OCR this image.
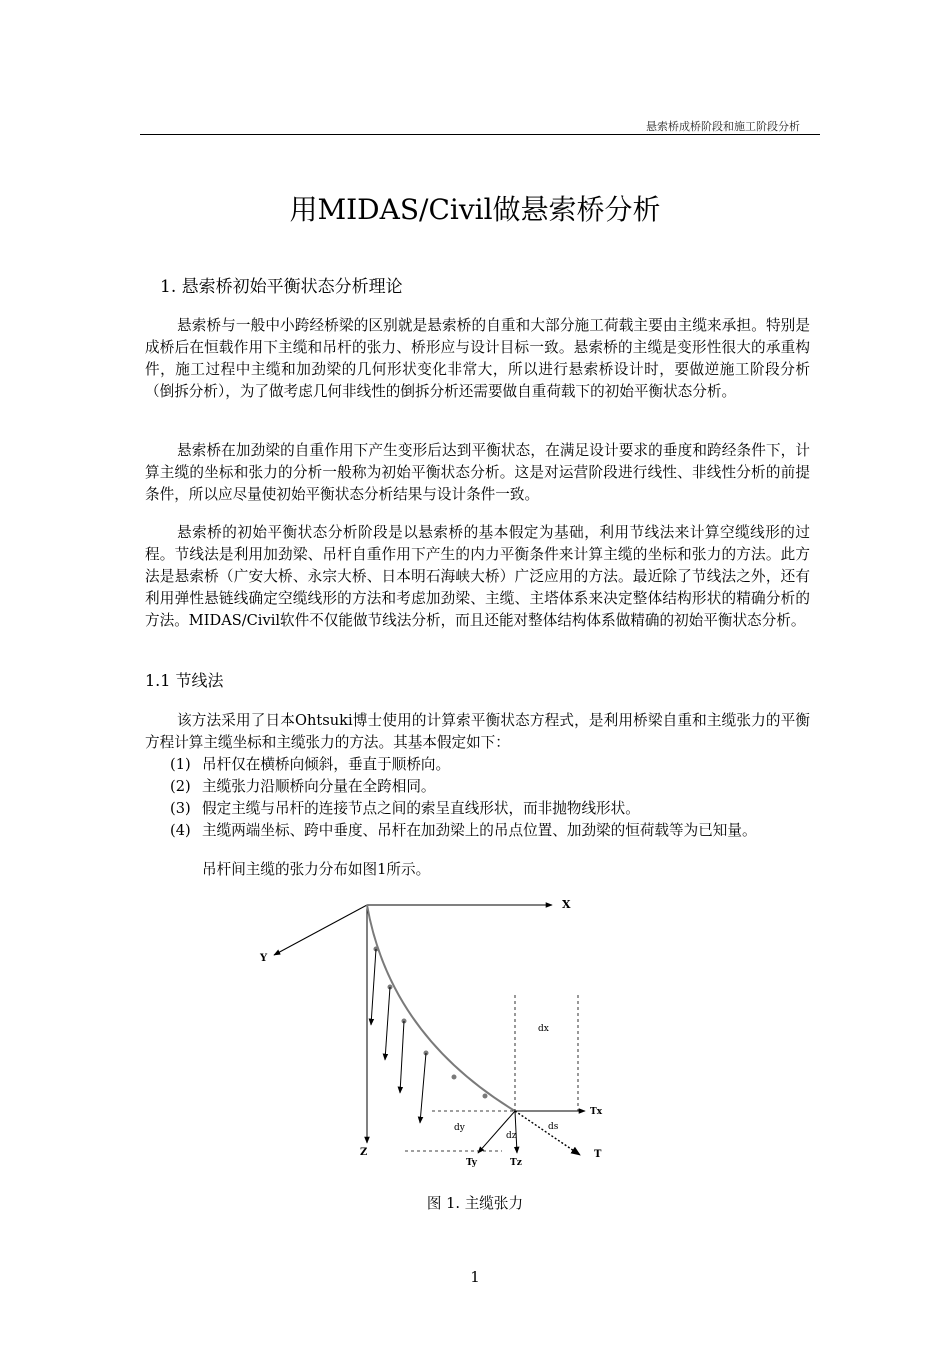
悬索桥成桥阶段和施工阶段分析
用MIDAS/Civil做悬索桥分析
1. 悬索桥初始平衡状态分析理论

悬索桥与一般中小跨经桥梁的区别就是悬索桥的自重和大部分施工荷载主要由主缆来承担。特别是成桥后在恒载作用下主缆和吊杆的张力、桥形应与设计目标一致。悬索桥的主缆是变形性很大的承重构件，施工过程中主缆和加劲梁的几何形状变化非常大，所以进行悬索桥设计时，要做逆施工阶段分析（倒拆分析），为了做考虑几何非线性的倒拆分析还需要做自重荷载下的初始平衡状态分析。

悬索桥在加劲梁的自重作用下产生变形后达到平衡状态，在满足设计要求的垂度和跨经条件下，计算主缆的坐标和张力的分析一般称为初始平衡状态分析。这是对运营阶段进行线性、非线性分析的前提条件，所以应尽量使初始平衡状态分析结果与设计条件一致。

悬索桥的初始平衡状态分析阶段是以悬索桥的基本假定为基础，利用节线法来计算空缆线形的过程。节线法是利用加劲梁、吊杆自重作用下产生的内力平衡条件来计算主缆的坐标和张力的方法。此方法是悬索桥（广安大桥、永宗大桥、日本明石海峡大桥）广泛应用的方法。最近除了节线法之外，还有利用弹性悬链线确定空缆线形的方法和考虑加劲梁、主缆、主塔体系来决定整体结构形状的精确分析的方法。MIDAS/Civil软件不仅能做节线法分析，而且还能对整体结构体系做精确的初始平衡状态分析。

1.1 节线法

该方法采用了日本Ohtsuki博士使用的计算索平衡状态方程式，是利用桥梁自重和主缆张力的平衡方程计算主缆坐标和主缆张力的方法。其基本假定如下：

(1) 吊杆仅在横桥向倾斜，垂直于顺桥向。
(2) 主缆张力沿顺桥向分量在全跨相同。
(3) 假定主缆与吊杆的连接节点之间的索呈直线形状，而非抛物线形状。
(4) 主缆两端坐标、跨中垂度、吊杆在加劲梁上的吊点位置、加劲梁的恒荷载等为已知量。
吊杆间主缆的张力分布如图1所示。
X
Y
Z
dx
Tx
Tz
Ty
T
dy
dz
ds
图 1. 主缆张力
1
